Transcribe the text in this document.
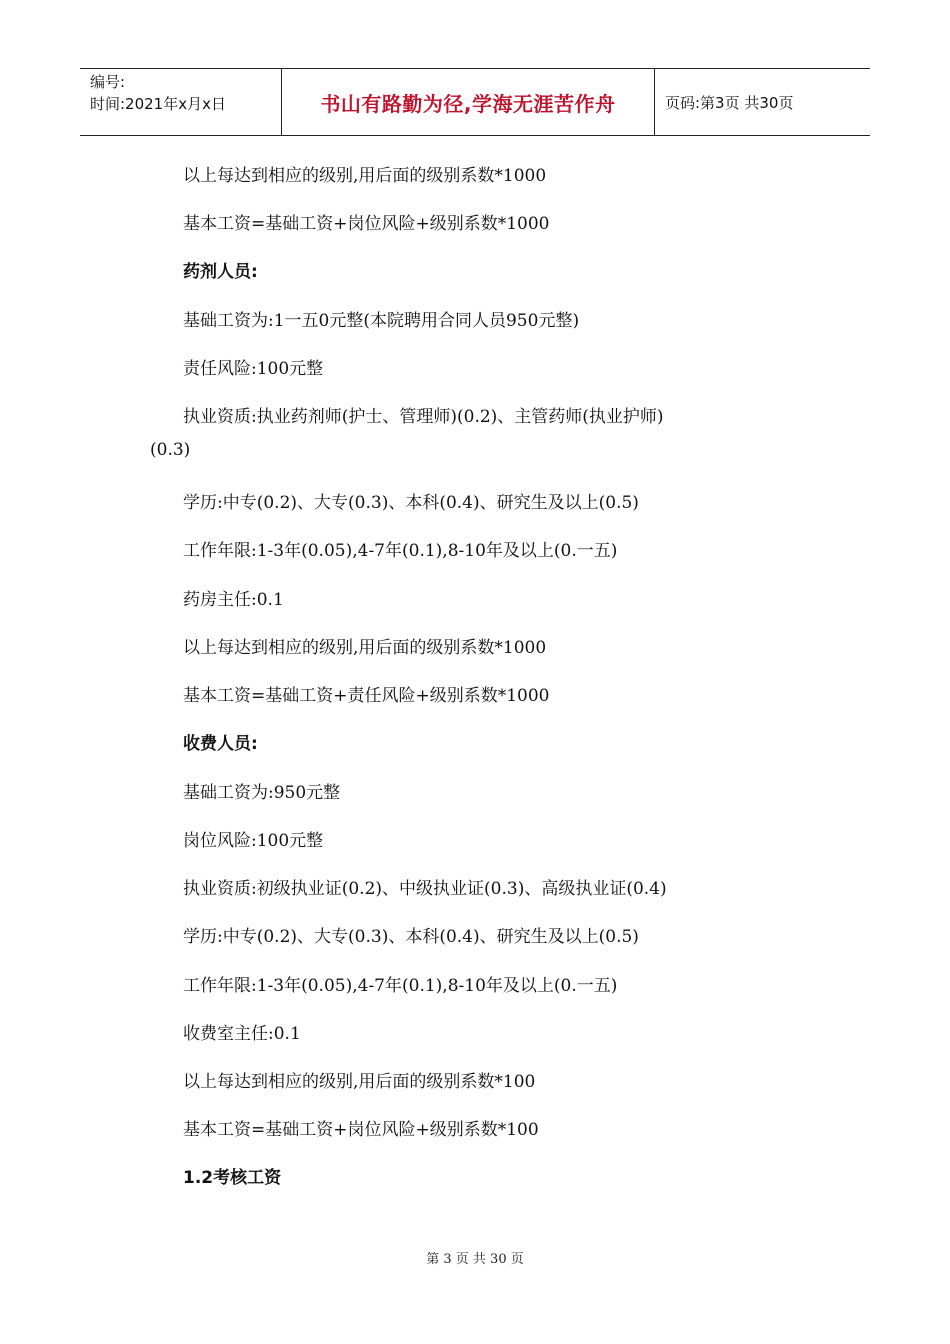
编号:
时间:2021年x月x日	书山有路勤为径,学海无涯苦作舟	页码:第3页 共30页
以上每达到相应的级别,用后面的级别系数*1000
基本工资=基础工资+岗位风险+级别系数*1000
药剂人员:
基础工资为:1一五0元整(本院聘用合同人员950元整)
责任风险:100元整
执业资质:执业药剂师(护士、管理师)(0.2)、主管药师(执业护师)
(0.3)
学历:中专(0.2)、大专(0.3)、本科(0.4)、研究生及以上(0.5)
工作年限:1-3年(0.05),4-7年(0.1),8-10年及以上(0.一五)
药房主任:0.1
以上每达到相应的级别,用后面的级别系数*1000
基本工资=基础工资+责任风险+级别系数*1000
收费人员:
基础工资为:950元整
岗位风险:100元整
执业资质:初级执业证(0.2)、中级执业证(0.3)、高级执业证(0.4)
学历:中专(0.2)、大专(0.3)、本科(0.4)、研究生及以上(0.5)
工作年限:1-3年(0.05),4-7年(0.1),8-10年及以上(0.一五)
收费室主任:0.1
以上每达到相应的级别,用后面的级别系数*100
基本工资=基础工资+岗位风险+级别系数*100
1.2考核工资
第 3 页 共 30 页
